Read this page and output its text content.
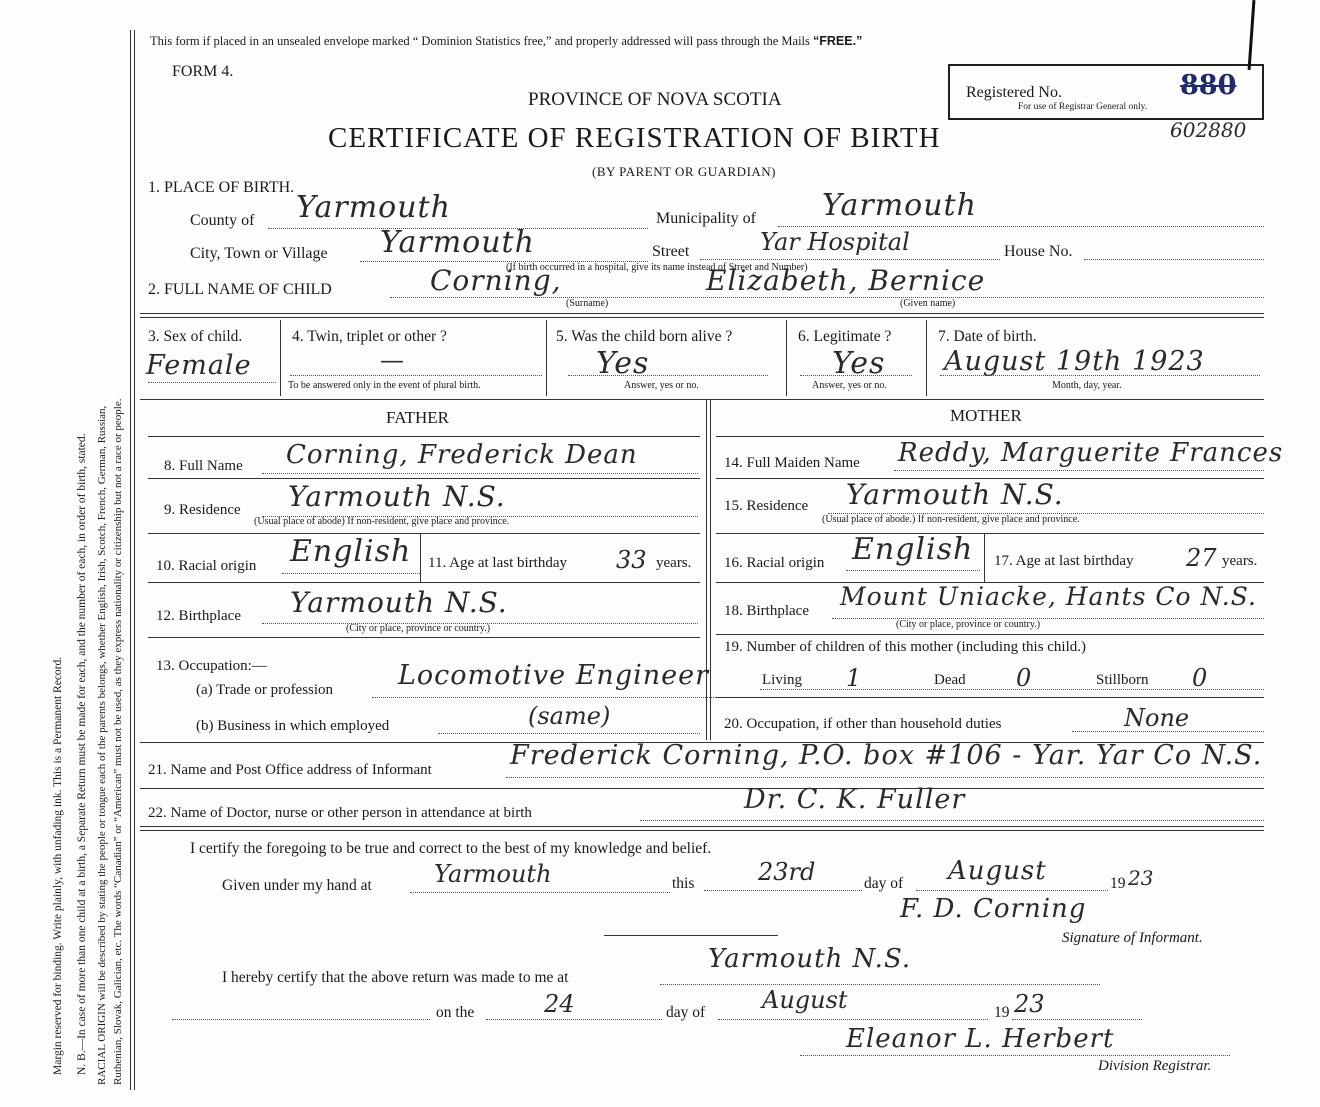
Margin reserved for binding. Write plainly, with unfading ink. This is a Permanent Record. N. B.—In case of more than one child at a birth, a Separate Return must be made for each, and the number of each, in order of birth, stated. RACIAL ORIGIN will be described by stating the people or tongue each of the parents belongs, whether English, Irish, Scotch, French, German, Russian, Ruthenian, Slovak, Galician, etc. The words “Canadian” or “American” must not be used, as they express nationality or citizenship but not a race or people.
This form if placed in an unsealed envelope marked “ Dominion Statistics free,” and properly addressed will pass through the Mails “FREE.”
FORM 4.
PROVINCE OF NOVA SCOTIA
CERTIFICATE OF REGISTRATION OF BIRTH
(BY PARENT OR GUARDIAN)
Registered No.	880
For use of Registrar General only.
602880
1. PLACE OF BIRTH.
County of Yarmouth	Municipality of Yarmouth
City, Town or Village Yarmouth	Street	Yar Hospital	House No.
(If birth occurred in a hospital, give its name instead of Street and Number)
2. FULL NAME OF CHILD	Corning,	Elizabeth, Bernice
(Surname)	(Given name)
3. Sex of child.
Female
4. Twin, triplet or other ?
—
To be answered only in the event of plural birth.
5. Was the child born alive ?
Yes
Answer, yes or no.
6. Legitimate ?
Yes
Answer, yes or no.
7. Date of birth.
August 19th 1923
Month, day, year.
FATHER	MOTHER
8. Full Name Corning, Frederick Dean
9. Residence Yarmouth N.S.
(Usual place of abode) If non-resident, give place and province.
10. Racial origin English 11. Age at last birthday 33 years.
12. Birthplace Yarmouth N.S.
(City or place, province or country.)
13. Occupation:—
(a) Trade or profession Locomotive Engineer
(b) Business in which employed	(same)
14. Full Maiden Name Reddy, Marguerite Frances
15. Residence Yarmouth N.S.
(Usual place of abode.) If non-resident, give place and province.
16. Racial origin English 17. Age at last birthday 27 years.
18. Birthplace Mount Uniacke, Hants Co N.S.
(City or place, province or country.)
19. Number of children of this mother (including this child.)
Living 1	Dead 0	Stillborn 0
20. Occupation, if other than household duties	None
21. Name and Post Office address of Informant	Frederick Corning, P.O. box #106 - Yar. Yar Co N.S.
22. Name of Doctor, nurse or other person in attendance at birth	Dr. C. K. Fuller
I certify the foregoing to be true and correct to the best of my knowledge and belief.
Given under my hand at	Yarmouth	this	23rd	day of August	19 23
F. D. Corning
Signature of Informant.
I hereby certify that the above return was made to me at
Yarmouth N.S.
on the	24	day of August	19 23
Eleanor L. Herbert
Division Registrar.
